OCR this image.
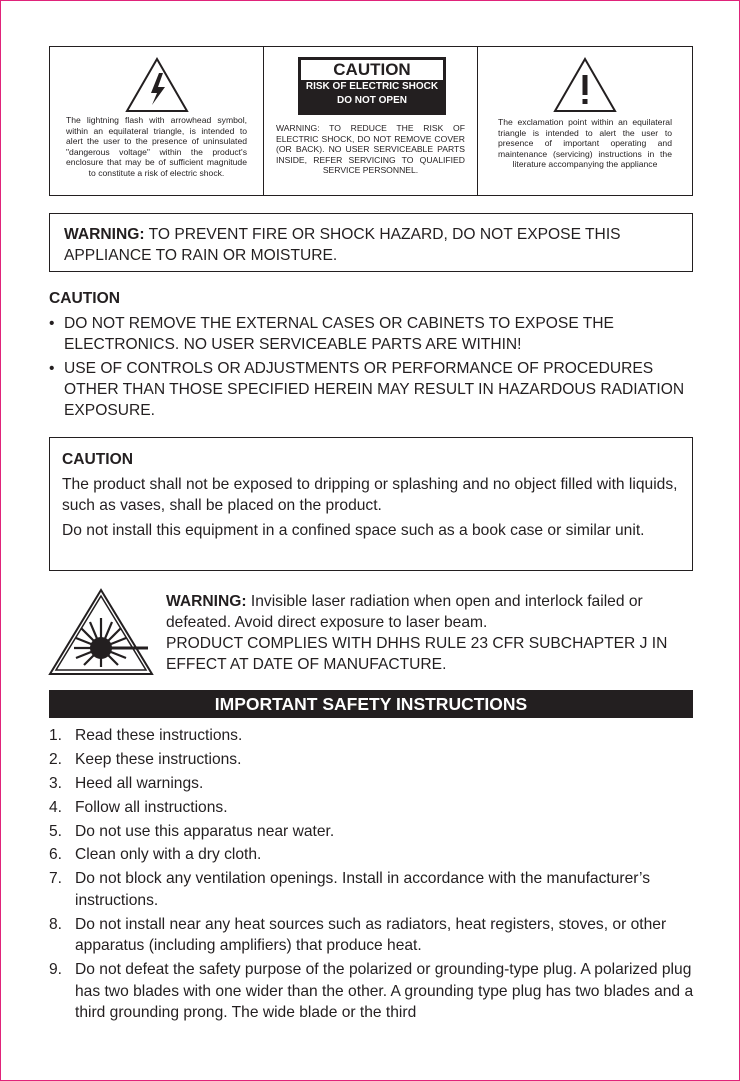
The lightning flash with arrowhead symbol, within an equilateral triangle, is intended to alert the user to the presence of uninsulated "dangerous voltage" within the product's enclosure that may be of sufficient magnitude to constitute a risk of electric shock.
CAUTION
RISK OF ELECTRIC SHOCK
DO NOT OPEN
WARNING: TO REDUCE THE RISK OF ELECTRIC SHOCK, DO NOT REMOVE COVER (OR BACK). NO USER SERVICEABLE PARTS INSIDE, REFER SERVICING TO QUALIFIED SERVICE PERSONNEL.
The exclamation point within an equilateral triangle is intended to alert the user to presence of important operating and maintenance (servicing) instructions in the literature accompanying the appliance
WARNING: TO PREVENT FIRE OR SHOCK HAZARD, DO NOT EXPOSE THIS APPLIANCE TO RAIN OR MOISTURE.
CAUTION
• DO NOT REMOVE THE EXTERNAL CASES OR CABINETS TO EXPOSE THE ELECTRONICS. NO USER SERVICEABLE PARTS ARE WITHIN!
• USE OF CONTROLS OR ADJUSTMENTS OR PERFORMANCE OF PROCEDURES OTHER THAN THOSE SPECIFIED HEREIN MAY RESULT IN HAZARDOUS RADIATION EXPOSURE.

CAUTION

The product shall not be exposed to dripping or splashing and no object filled with liquids, such as vases, shall be placed on the product.

Do not install this equipment in a confined space such as a book case or similar unit.

WARNING: Invisible laser radiation when open and interlock failed or defeated. Avoid direct exposure to laser beam.

PRODUCT COMPLIES WITH DHHS RULE 23 CFR SUBCHAPTER J IN EFFECT AT DATE OF MANUFACTURE.

IMPORTANT SAFETY INSTRUCTIONS
1. Read these instructions.
2. Keep these instructions.
3. Heed all warnings.
4. Follow all instructions.
5. Do not use this apparatus near water.
6. Clean only with a dry cloth.
7. Do not block any ventilation openings. Install in accordance with the manufacturer’s instructions.
8. Do not install near any heat sources such as radiators, heat registers, stoves, or other apparatus (including amplifiers) that produce heat.
9. Do not defeat the safety purpose of the polarized or grounding-type plug. A polarized plug has two blades with one wider than the other. A grounding type plug has two blades and a third grounding prong. The wide blade or the third
